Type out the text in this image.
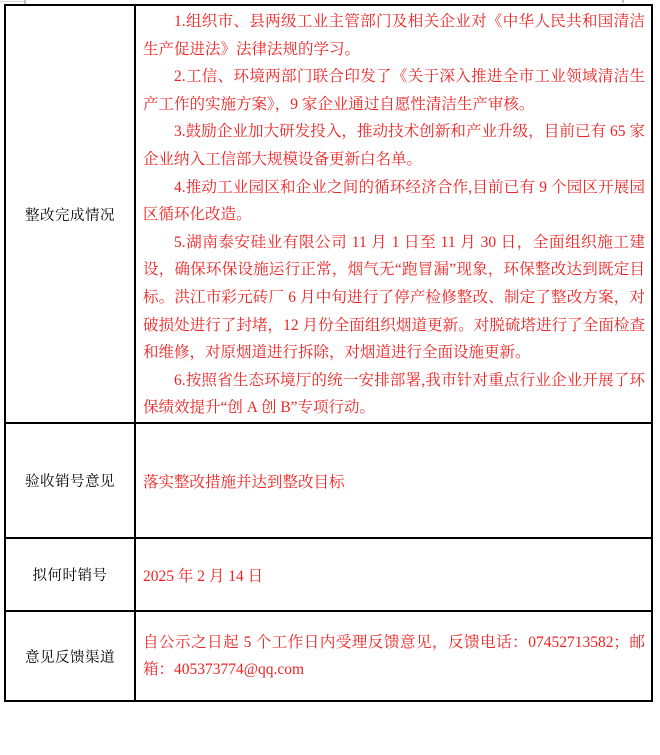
整改完成情况

1.组织市、县两级工业主管部门及相关企业对《中华人民共和国清洁生产促进法》法律法规的学习。

2.工信、环境两部门联合印发了《关于深入推进全市工业领域清洁生产工作的实施方案》，9 家企业通过自愿性清洁生产审核。

3.鼓励企业加大研发投入，推动技术创新和产业升级，目前已有 65 家企业纳入工信部大规模设备更新白名单。

4.推动工业园区和企业之间的循环经济合作,目前已有 9 个园区开展园区循环化改造。

5.湖南泰安硅业有限公司 11 月 1 日至 11 月 30 日，全面组织施工建设，确保环保设施运行正常，烟气无“跑冒漏”现象，环保整改达到既定目标。洪江市彩元砖厂 6 月中旬进行了停产检修整改、制定了整改方案，对破损处进行了封堵，12 月份全面组织烟道更新。对脱硫塔进行了全面检查和维修，对原烟道进行拆除，对烟道进行全面设施更新。

6.按照省生态环境厅的统一安排部署,我市针对重点行业企业开展了环保绩效提升“创 A 创 B”专项行动。

验收销号意见	落实整改措施并达到整改目标
拟何时销号	2025 年 2 月 14 日
意见反馈渠道
自公示之日起 5 个工作日内受理反馈意见，反馈电话：07452713582；邮箱：405373774@qq.com
